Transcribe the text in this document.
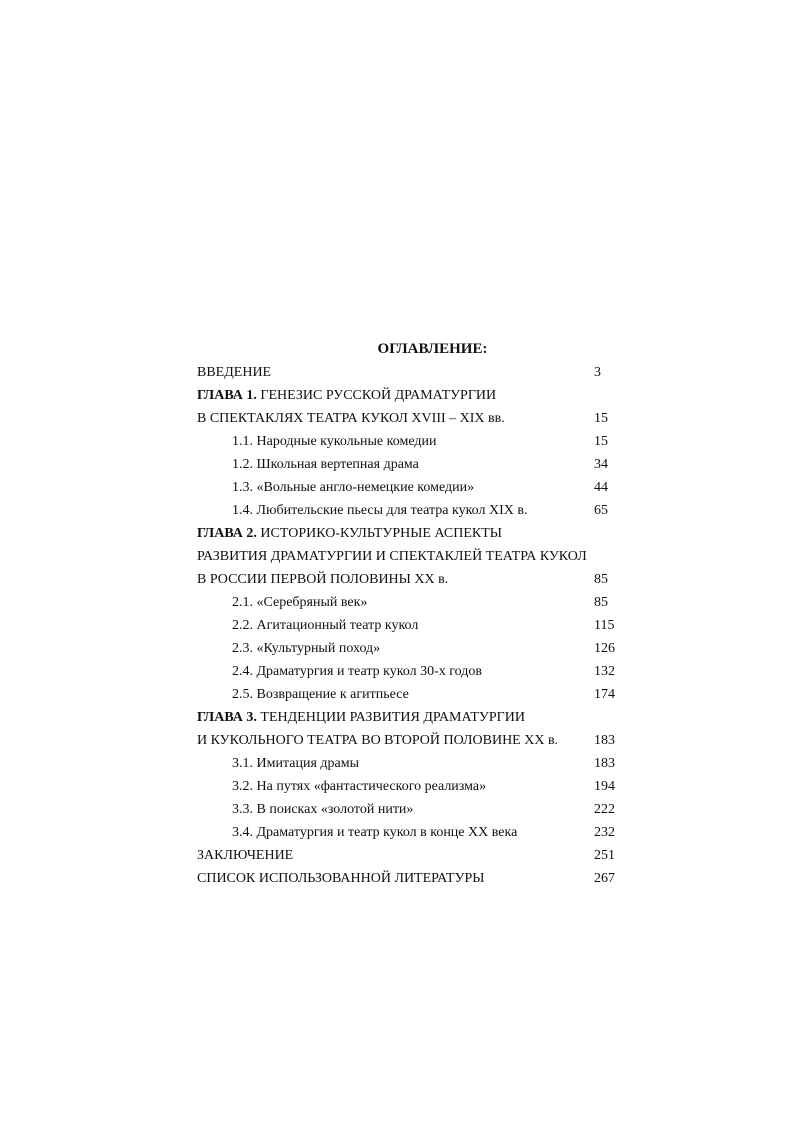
ОГЛАВЛЕНИЕ:
ВВЕДЕНИЕ	3
ГЛАВА 1. ГЕНЕЗИС РУССКОЙ ДРАМАТУРГИИ
В СПЕКТАКЛЯХ ТЕАТРА КУКОЛ XVIII – XIX вв.	15
1.1. Народные кукольные комедии	15
1.2. Школьная вертепная драма	34
1.3. «Вольные англо-немецкие комедии»	44
1.4. Любительские пьесы для театра кукол XIX в.	65
ГЛАВА 2. ИСТОРИКО-КУЛЬТУРНЫЕ АСПЕКТЫ
РАЗВИТИЯ ДРАМАТУРГИИ И СПЕКТАКЛЕЙ ТЕАТРА КУКОЛ
В РОССИИ ПЕРВОЙ ПОЛОВИНЫ XX в.	85
2.1. «Серебряный век»	85
2.2. Агитационный театр кукол	115
2.3. «Культурный поход»	126
2.4. Драматургия и театр кукол 30-х годов	132
2.5. Возвращение к агитпьесе	174
ГЛАВА 3. ТЕНДЕНЦИИ РАЗВИТИЯ ДРАМАТУРГИИ
И КУКОЛЬНОГО ТЕАТРА ВО ВТОРОЙ ПОЛОВИНЕ XX в.	183
3.1. Имитация драмы	183
3.2. На путях «фантастического реализма»	194
3.3. В поисках «золотой нити»	222
3.4. Драматургия и театр кукол в конце XX века	232
ЗАКЛЮЧЕНИЕ	251
СПИСОК ИСПОЛЬЗОВАННОЙ ЛИТЕРАТУРЫ	267
